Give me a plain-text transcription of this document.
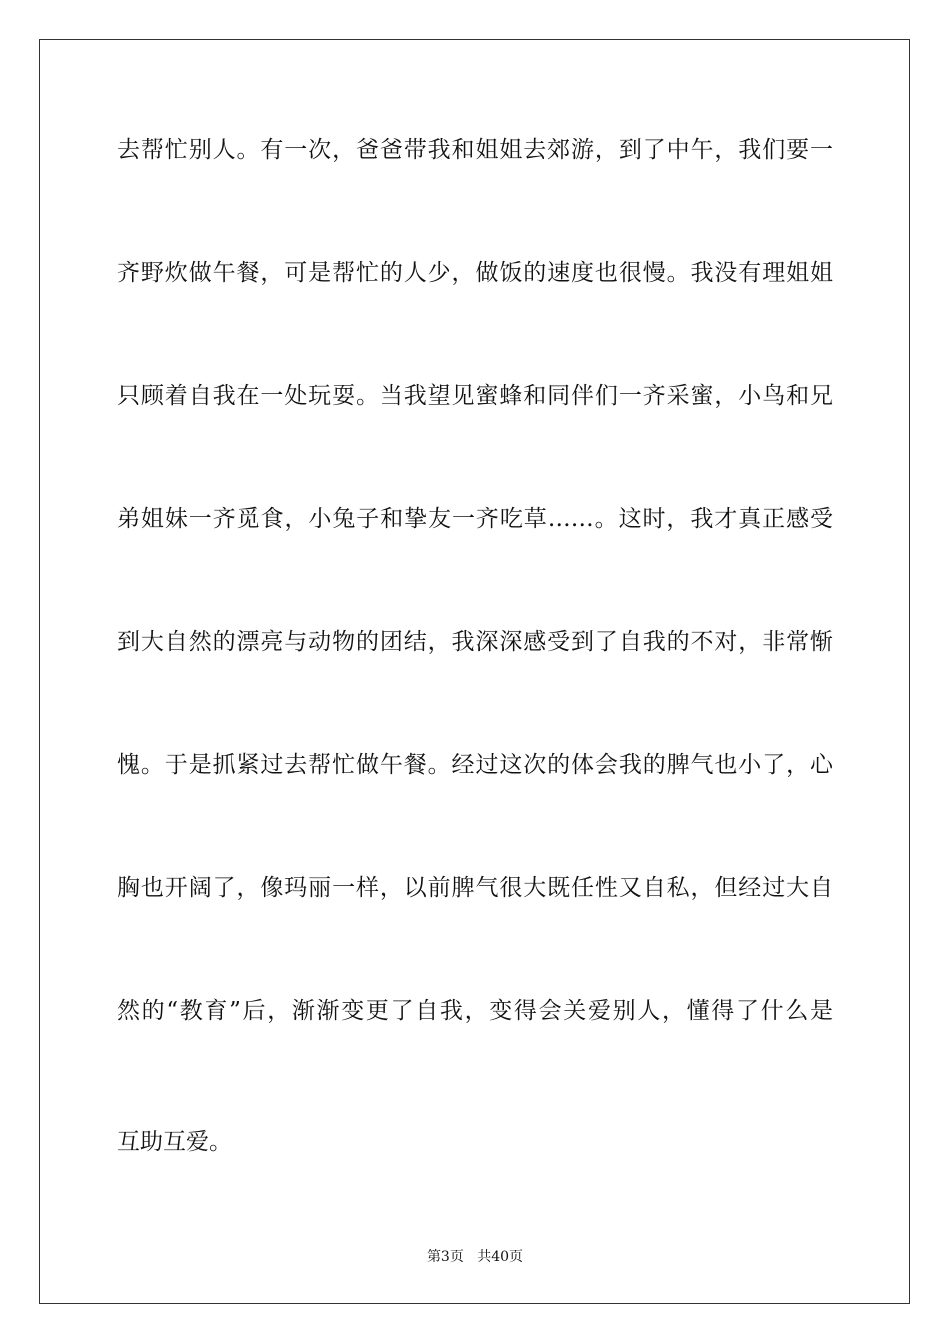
去帮忙别人。有一次，爸爸带我和姐姐去郊游，到了中午，我们要一
齐野炊做午餐，可是帮忙的人少，做饭的速度也很慢。我没有理姐姐
只顾着自我在一处玩耍。当我望见蜜蜂和同伴们一齐采蜜，小鸟和兄
弟姐妹一齐觅食，小兔子和挚友一齐吃草……。这时，我才真正感受
到大自然的漂亮与动物的团结，我深深感受到了自我的不对，非常惭
愧。于是抓紧过去帮忙做午餐。经过这次的体会我的脾气也小了，心
胸也开阔了，像玛丽一样，以前脾气很大既任性又自私，但经过大自
然的“教育”后，渐渐变更了自我，变得会关爱别人，懂得了什么是
互助互爱。
第3页 共40页
